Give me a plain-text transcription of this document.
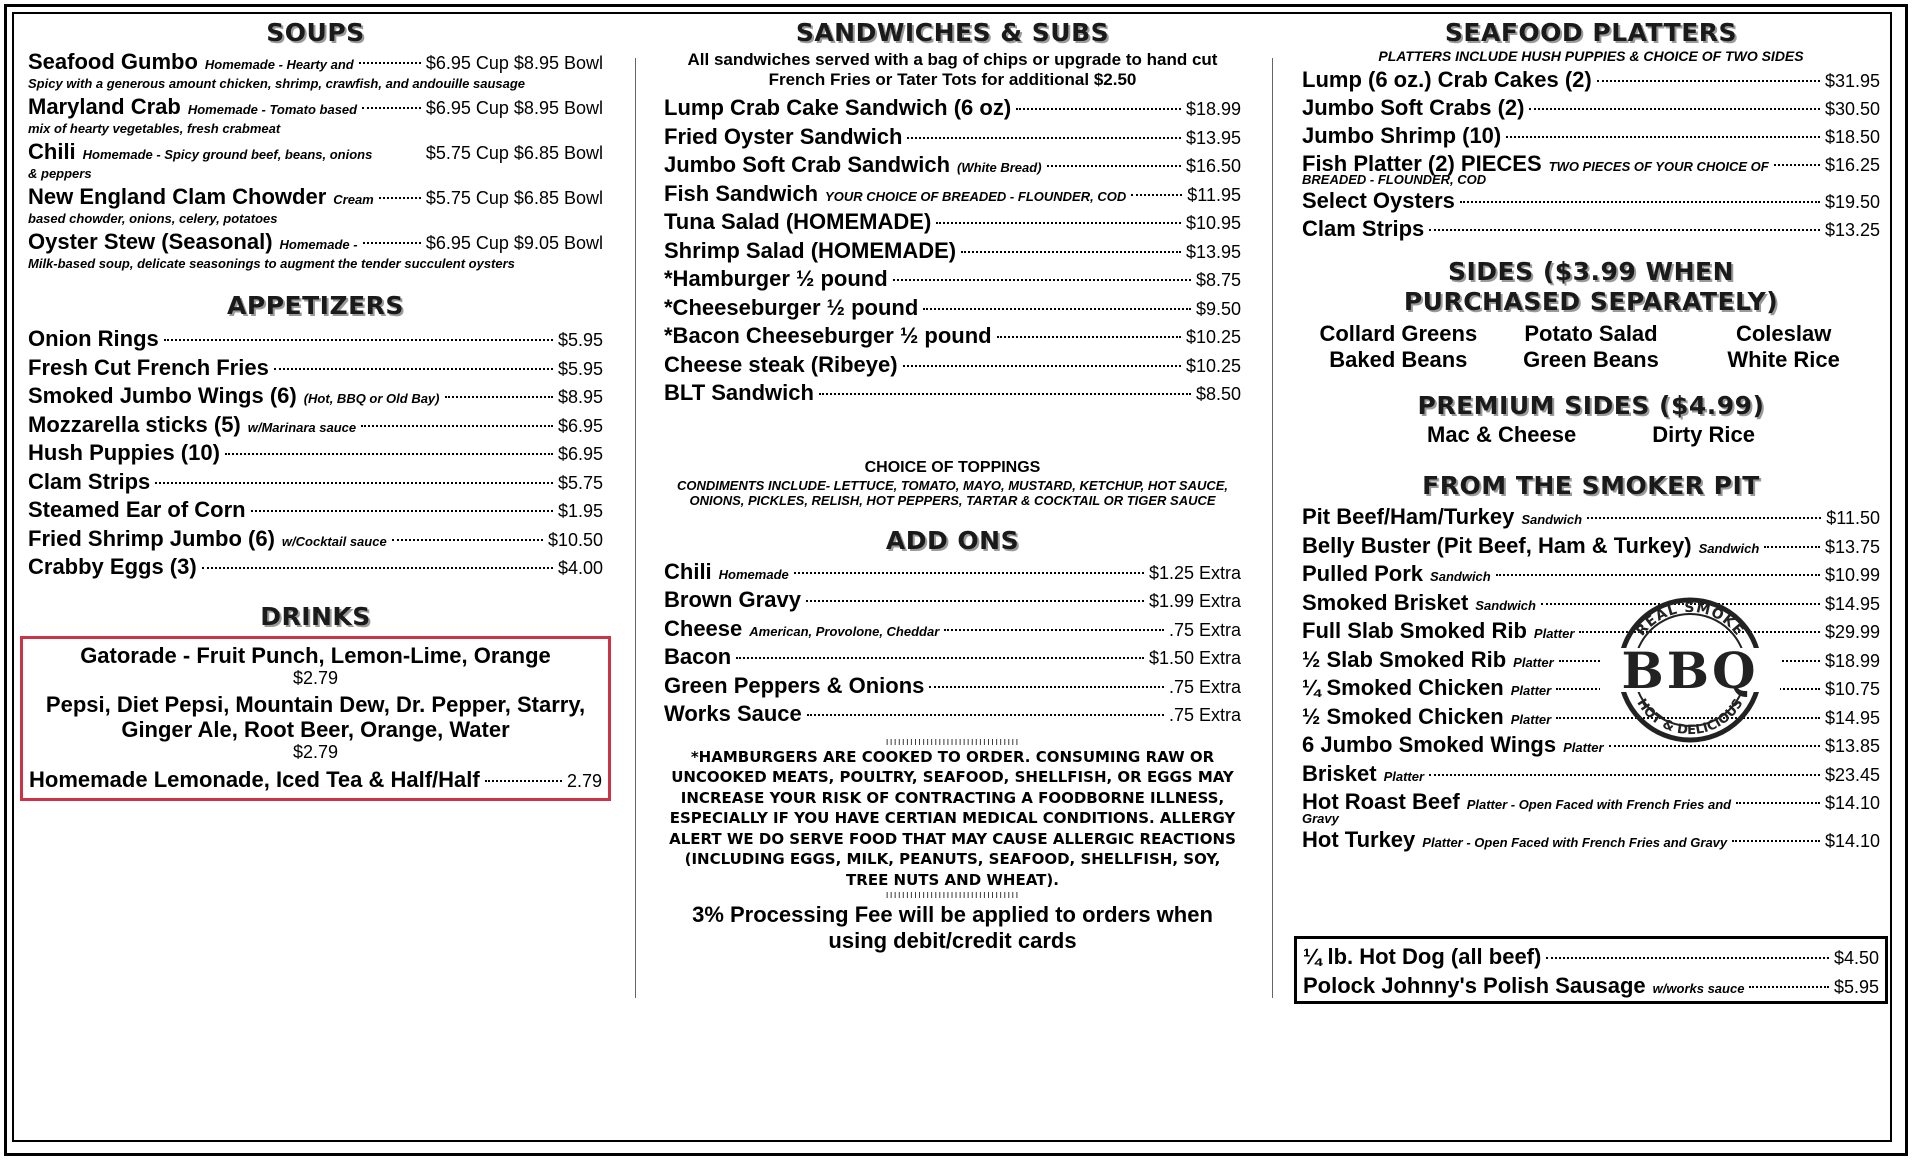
SOUPS
Seafood Gumbo Homemade - Hearty and	$6.95 Cup $8.95 Bowl
Spicy with a generous amount chicken, shrimp, crawfish, and andouille sausage
Maryland Crab Homemade - Tomato based	$6.95 Cup $8.95 Bowl
mix of hearty vegetables, fresh crabmeat
Chili Homemade - Spicy ground beef, beans, onions	$5.75 Cup $6.85 Bowl
& peppers
New England Clam Chowder Cream	$5.75 Cup $6.85 Bowl
based chowder, onions, celery, potatoes
Oyster Stew (Seasonal) Homemade -	$6.95 Cup $9.05 Bowl
Milk-based soup, delicate seasonings to augment the tender succulent oysters
APPETIZERS
Onion Rings	$5.95
Fresh Cut French Fries	$5.95
Smoked Jumbo Wings (6) (Hot, BBQ or Old Bay)	$8.95
Mozzarella sticks (5) w/Marinara sauce	$6.95
Hush Puppies (10)	$6.95
Clam Strips	$5.75
Steamed Ear of Corn	$1.95
Fried Shrimp Jumbo (6) w/Cocktail sauce	$10.50
Crabby Eggs (3)	$4.00
DRINKS
Gatorade - Fruit Punch, Lemon-Lime, Orange
$2.79
Pepsi, Diet Pepsi, Mountain Dew, Dr. Pepper, Starry, Ginger Ale, Root Beer, Orange, Water
$2.79
Homemade Lemonade, Iced Tea & Half/Half	2.79
SANDWICHES & SUBS
All sandwiches served with a bag of chips or upgrade to hand cut French Fries or Tater Tots for additional $2.50
Lump Crab Cake Sandwich (6 oz)	$18.99
Fried Oyster Sandwich	$13.95
Jumbo Soft Crab Sandwich (White Bread)	$16.50
Fish Sandwich YOUR CHOICE OF BREADED - FLOUNDER, COD	$11.95
Tuna Salad (HOMEMADE)	$10.95
Shrimp Salad (HOMEMADE)	$13.95
*Hamburger ½ pound	$8.75
*Cheeseburger ½ pound	$9.50
*Bacon Cheeseburger ½ pound	$10.25
Cheese steak (Ribeye)	$10.25
BLT Sandwich	$8.50
CHOICE OF TOPPINGS
CONDIMENTS INCLUDE- LETTUCE, TOMATO, MAYO, MUSTARD, KETCHUP, HOT SAUCE, ONIONS, PICKLES, RELISH, HOT PEPPERS, TARTAR & COCKTAIL OR TIGER SAUCE
ADD ONS
Chili Homemade	$1.25 Extra
Brown Gravy	$1.99 Extra
Cheese American, Provolone, Cheddar	.75 Extra
Bacon	$1.50 Extra
Green Peppers & Onions	.75 Extra
Works Sauce	.75 Extra
ııııııııııııııııııııııııııııııııı
*HAMBURGERS ARE COOKED TO ORDER. CONSUMING RAW OR UNCOOKED MEATS, POULTRY, SEAFOOD, SHELLFISH, OR EGGS MAY INCREASE YOUR RISK OF CONTRACTING A FOODBORNE ILLNESS, ESPECIALLY IF YOU HAVE CERTIAN MEDICAL CONDITIONS. ALLERGY ALERT WE DO SERVE FOOD THAT MAY CAUSE ALLERGIC REACTIONS (INCLUDING EGGS, MILK, PEANUTS, SEAFOOD, SHELLFISH, SOY, TREE NUTS AND WHEAT).
ııııııııııııııııııııııııııııııııı
3% Processing Fee will be applied to orders when using debit/credit cards
SEAFOOD PLATTERS
PLATTERS INCLUDE HUSH PUPPIES & CHOICE OF TWO SIDES
Lump (6 oz.) Crab Cakes (2)	$31.95
Jumbo Soft Crabs (2)	$30.50
Jumbo Shrimp (10)	$18.50
Fish Platter (2) PIECES TWO PIECES OF YOUR CHOICE OF	$16.25
BREADED - FLOUNDER, COD
Select Oysters	$19.50
Clam Strips	$13.25
SIDES ($3.99 WHEN PURCHASED SEPARATELY)
Collard Greens	Potato Salad	Coleslaw
Baked Beans	Green Beans	White Rice
PREMIUM SIDES ($4.99)
Mac & Cheese	Dirty Rice
FROM THE SMOKER PIT
Pit Beef/Ham/Turkey Sandwich	$11.50
Belly Buster (Pit Beef, Ham & Turkey) Sandwich	$13.75
Pulled Pork Sandwich	$10.99
Smoked Brisket Sandwich	$14.95
Full Slab Smoked Rib Platter	$29.99
½ Slab Smoked Rib Platter	$18.99
¼ Smoked Chicken Platter	$10.75
½ Smoked Chicken Platter	$14.95
6 Jumbo Smoked Wings Platter	$13.85
Brisket Platter	$23.45
Hot Roast Beef Platter - Open Faced with French Fries and	$14.10
Gravy
Hot Turkey Platter - Open Faced with French Fries and Gravy	$14.10
REAL SMOKE
BBQ
HOT & DELICIOUS
¼ lb. Hot Dog (all beef)	$4.50
Polock Johnny's Polish Sausage w/works sauce	$5.95
